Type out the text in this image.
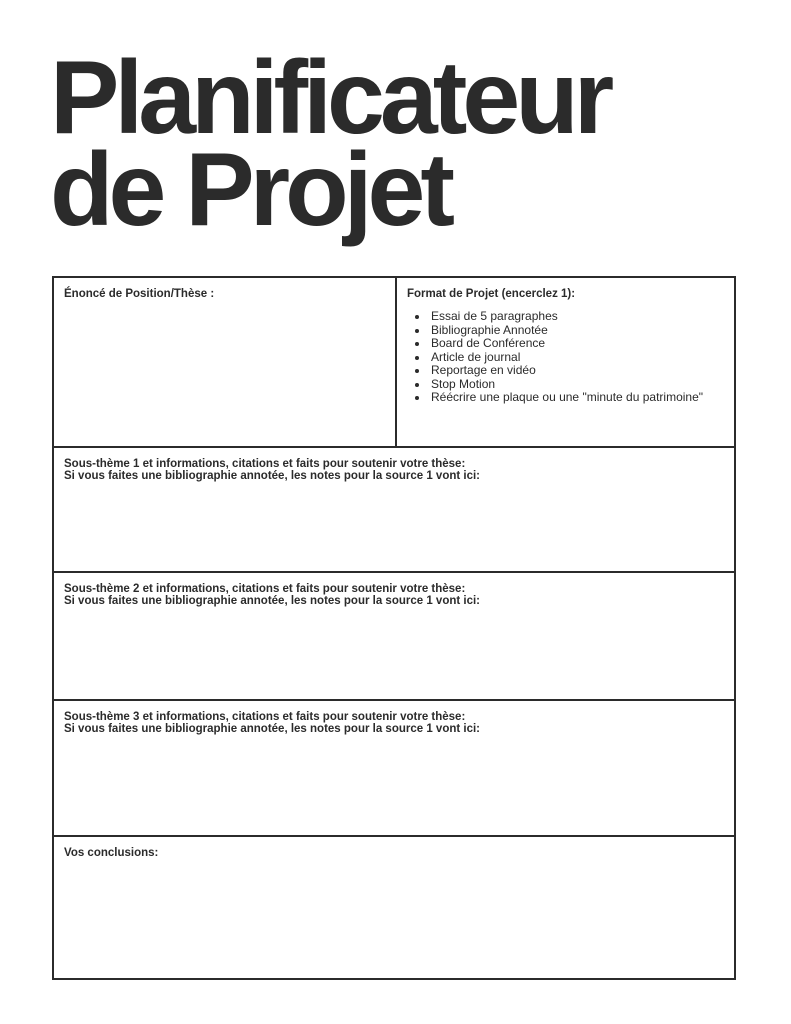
Planificateur
de Projet

Énoncé de Position/Thèse :	Format de Projet (encerclez 1):

• Essai de 5 paragraphes
• Bibliographie Annotée
• Board de Conférence
• Article de journal
• Reportage en vidéo
• Stop Motion
• Réécrire une plaque ou une "minute du patrimoine"

Sous-thème 1 et informations, citations et faits pour soutenir votre thèse:

Si vous faites une bibliographie annotée, les notes pour la source 1 vont ici:

Sous-thème 2 et informations, citations et faits pour soutenir votre thèse:

Si vous faites une bibliographie annotée, les notes pour la source 1 vont ici:

Sous-thème 3 et informations, citations et faits pour soutenir votre thèse:

Si vous faites une bibliographie annotée, les notes pour la source 1 vont ici:

Vos conclusions:
